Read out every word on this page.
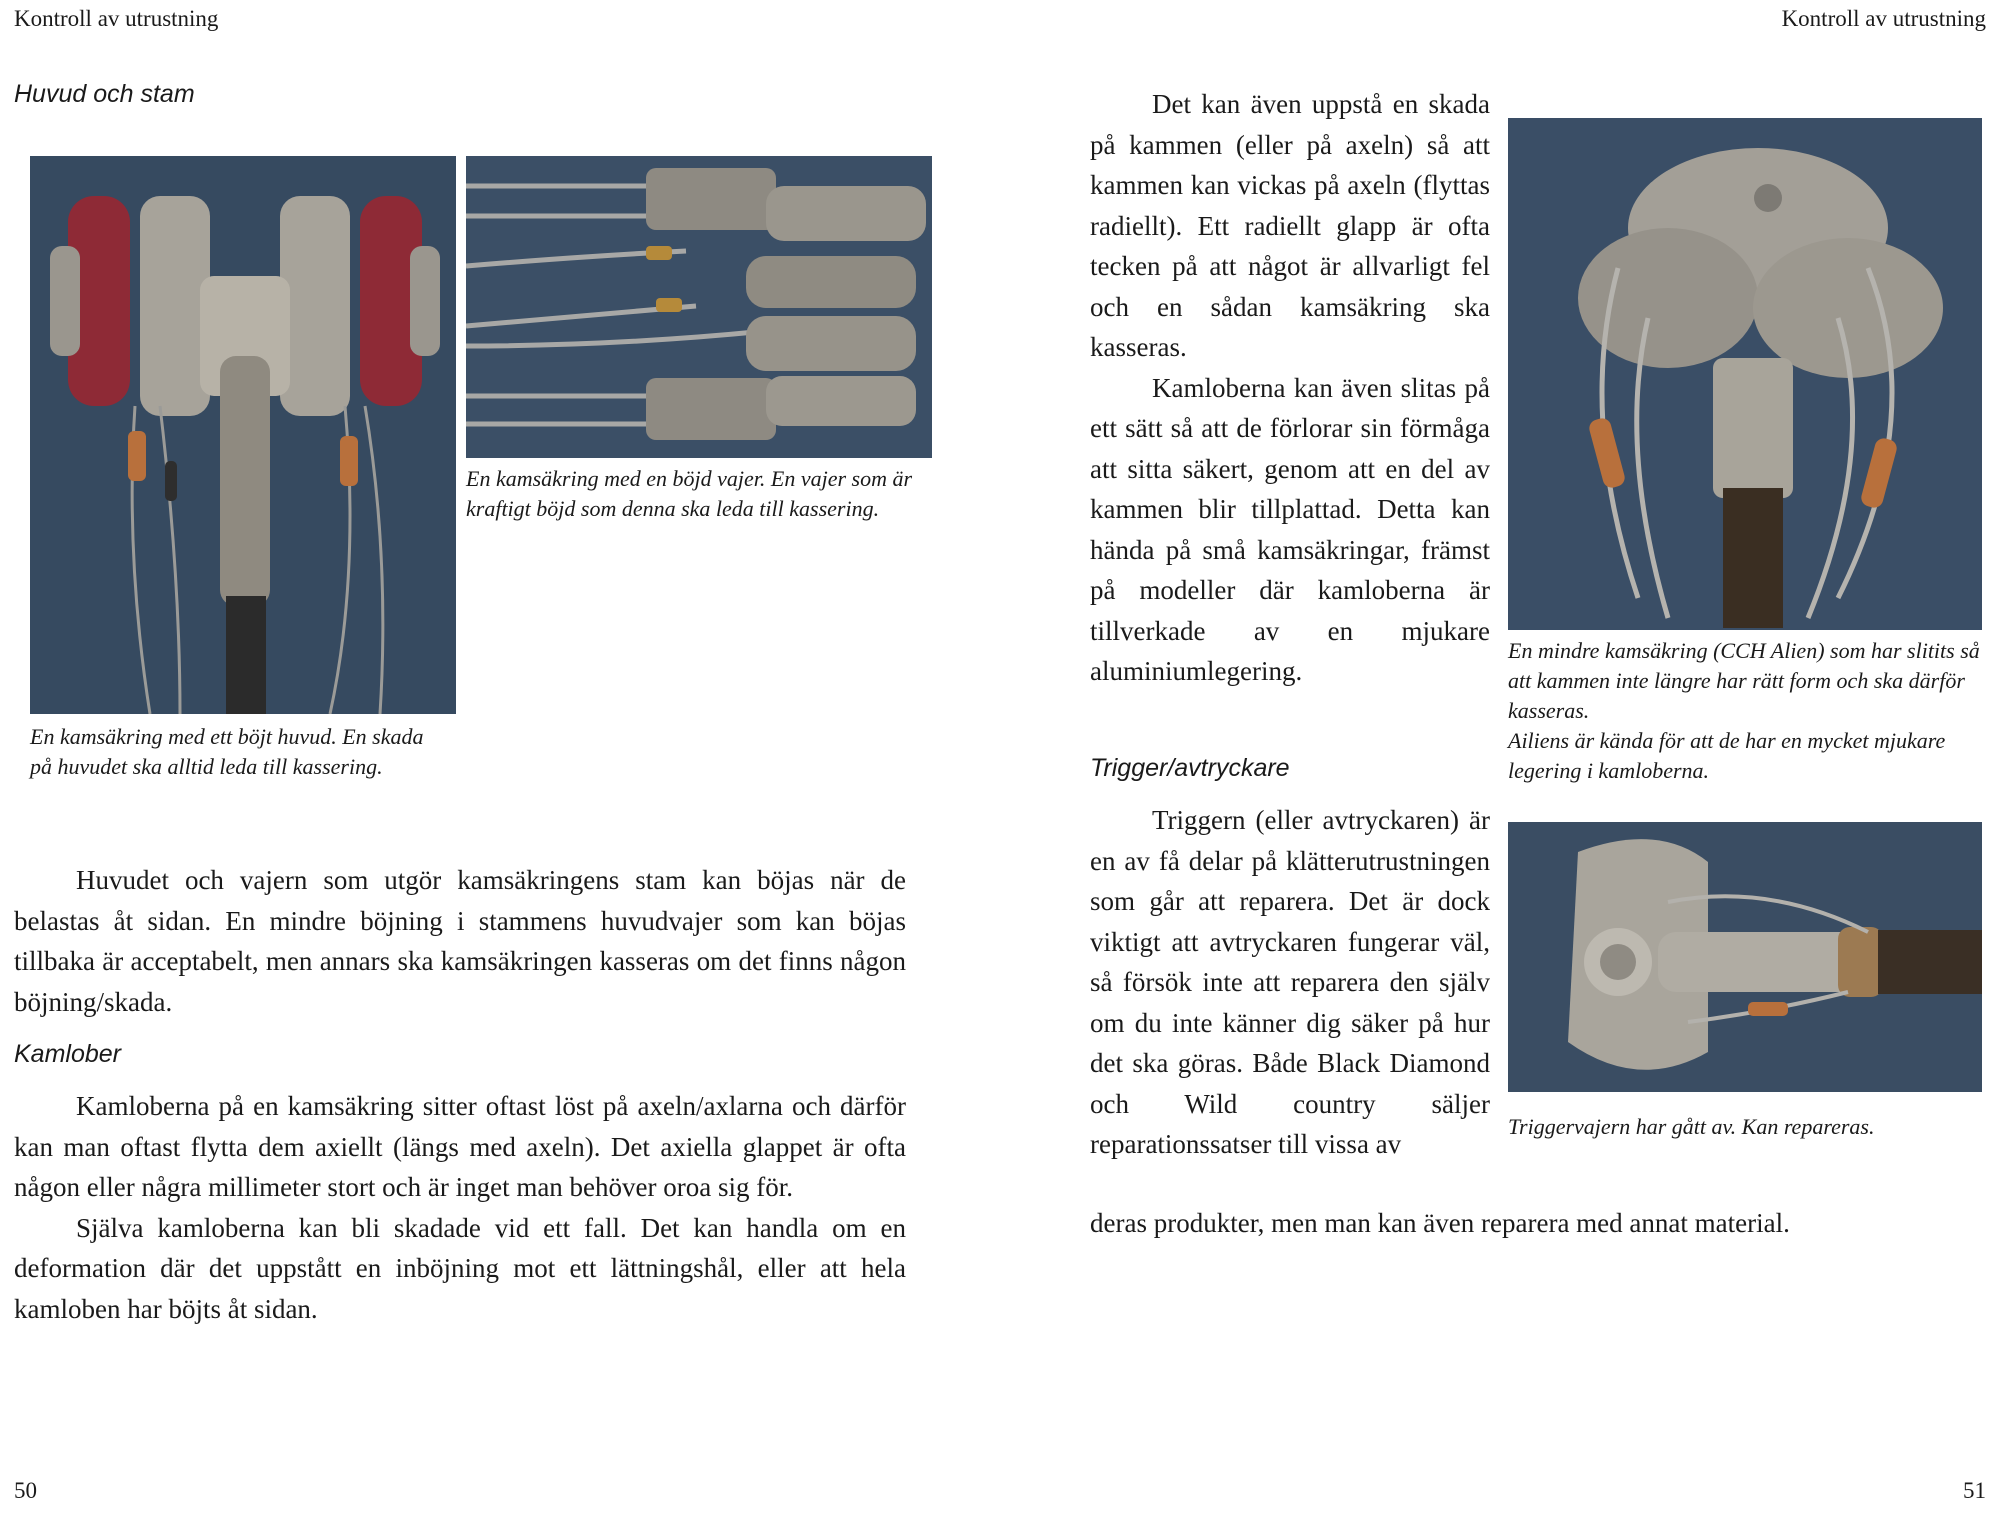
Kontroll av utrustning
Huvud och stam

En kamsäkring med ett böjt huvud. En skada på huvudet ska alltid leda till kassering.

En kamsäkring med en böjd vajer. En vajer som är kraftigt böjd som denna ska leda till kassering.

Huvudet och vajern som utgör kamsäkringens stam kan böjas när de belastas åt sidan. En mindre böjning i stammens huvudvajer som kan böjas tillbaka är acceptabelt, men annars ska kamsäkringen kasseras om det finns någon böjning/skada.

Kamlober

Kamloberna på en kamsäkring sitter oftast löst på axeln/axlarna och därför kan man oftast flytta dem axiellt (längs med axeln). Det axiella glappet är ofta någon eller några millimeter stort och är inget man behöver oroa sig för.

Själva kamloberna kan bli skadade vid ett fall. Det kan handla om en deformation där det uppstått en inböjning mot ett lättningshål, eller att hela kamloben har böjts åt sidan.

50
Kontroll av utrustning

Det kan även uppstå en skada på kammen (eller på axeln) så att kammen kan vickas på axeln (flyttas radiellt). Ett radiellt glapp är ofta tecken på att något är allvarligt fel och en sådan kamsäkring ska kasseras.

Kamloberna kan även slitas på ett sätt så att de förlorar sin förmåga att sitta säkert, genom att en del av kammen blir tillplattad. Detta kan hända på små kamsäkringar, främst på modeller där kamloberna är tillverkade av en mjukare aluminiumlegering.

Trigger/avtryckare

Triggern (eller avtryckaren) är en av få delar på klätterutrustningen som går att reparera. Det är dock viktigt att avtryckaren fungerar väl, så försök inte att reparera den själv om du inte känner dig säker på hur det ska göras. Både Black Diamond och Wild country säljer reparationssatser till vissa av

deras produkter, men man kan även reparera med annat material.

En mindre kamsäkring (CCH Alien) som har slitits så att kammen inte längre har rätt form och ska därför kasseras.
Ailiens är kända för att de har en mycket mjukare legering i kamloberna.

Triggervajern har gått av. Kan repareras.

51
